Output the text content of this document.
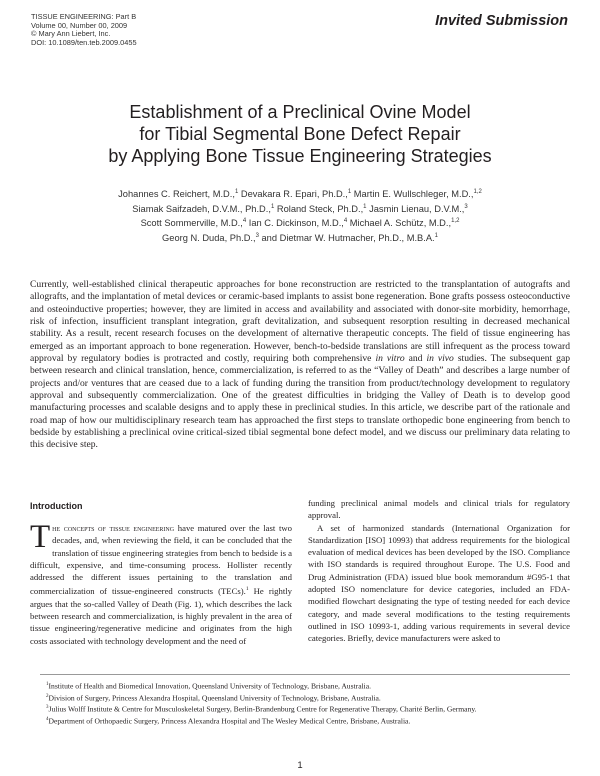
TISSUE ENGINEERING: Part B
Volume 00, Number 00, 2009
© Mary Ann Liebert, Inc.
DOI: 10.1089/ten.teb.2009.0455
Invited Submission
Establishment of a Preclinical Ovine Model
for Tibial Segmental Bone Defect Repair
by Applying Bone Tissue Engineering Strategies
Johannes C. Reichert, M.D.,$^1$ Devakara R. Epari, Ph.D.,$^1$ Martin E. Wullschleger, M.D.,$^{1,2}$
Siamak Saifzadeh, D.V.M., Ph.D.,$^1$ Roland Steck, Ph.D.,$^1$ Jasmin Lienau, D.V.M.,$^3$
Scott Sommerville, M.D.,$^4$ Ian C. Dickinson, M.D.,$^4$ Michael A. Schütz, M.D.,$^{1,2}$
Georg N. Duda, Ph.D.,$^3$ and Dietmar W. Hutmacher, Ph.D., M.B.A.$^1$
Currently, well-established clinical therapeutic approaches for bone reconstruction are restricted to the transplantation of autografts and allografts, and the implantation of metal devices or ceramic-based implants to assist bone regeneration. Bone grafts possess osteoconductive and osteoinductive properties; however, they are limited in access and availability and associated with donor-site morbidity, hemorrhage, risk of infection, insufficient transplant integration, graft devitalization, and subsequent resorption resulting in decreased mechanical stability. As a result, recent research focuses on the development of alternative therapeutic concepts. The field of tissue engineering has emerged as an important approach to bone regeneration. However, bench-to-bedside translations are still infrequent as the process toward approval by regulatory bodies is protracted and costly, requiring both comprehensive in vitro and in vivo studies. The subsequent gap between research and clinical translation, hence, commercialization, is referred to as the “Valley of Death” and describes a large number of projects and/or ventures that are ceased due to a lack of funding during the transition from product/technology development to regulatory approval and subsequently commercialization. One of the greatest difficulties in bridging the Valley of Death is to develop good manufacturing processes and scalable designs and to apply these in preclinical studies. In this article, we describe part of the rationale and road map of how our multidisciplinary research team has approached the first steps to translate orthopedic bone engineering from bench to bedside by establishing a preclinical ovine critical-sized tibial segmental bone defect model, and we discuss our preliminary data relating to this decisive step.
Introduction

The concepts of tissue engineering have matured over the last two decades, and, when reviewing the field, it can be concluded that the translation of tissue engineering strategies from bench to bedside is a difficult, expensive, and time-consuming process. Hollister recently addressed the different issues pertaining to the translation and commercialization of tissue-engineered constructs (TECs).$^1$ He rightly argues that the so-called Valley of Death (Fig. 1), which describes the lack between research and commercialization, is highly prevalent in the area of tissue engineering/regenerative medicine and originates from the high costs associated with technology development and the need of

funding preclinical animal models and clinical trials for regulatory approval.

A set of harmonized standards (International Organization for Standardization [ISO] 10993) that address requirements for the biological evaluation of medical devices has been developed by the ISO. Compliance with ISO standards is required throughout Europe. The U.S. Food and Drug Administration (FDA) issued blue book memorandum #G95-1 that adopted ISO nomenclature for device categories, included an FDA-modified flowchart designating the type of testing needed for each device category, and made several modifications to the testing requirements outlined in ISO 10993-1, adding various requirements in several device categories. Briefly, device manufacturers were asked to

$^1$Institute of Health and Biomedical Innovation, Queensland University of Technology, Brisbane, Australia.
$^2$Division of Surgery, Princess Alexandra Hospital, Queensland University of Technology, Brisbane, Australia.
$^3$Julius Wolff Institute & Centre for Musculoskeletal Surgery, Berlin-Brandenburg Centre for Regenerative Therapy, Charité Berlin, Germany.
$^4$Department of Orthopaedic Surgery, Princess Alexandra Hospital and The Wesley Medical Centre, Brisbane, Australia.
1
